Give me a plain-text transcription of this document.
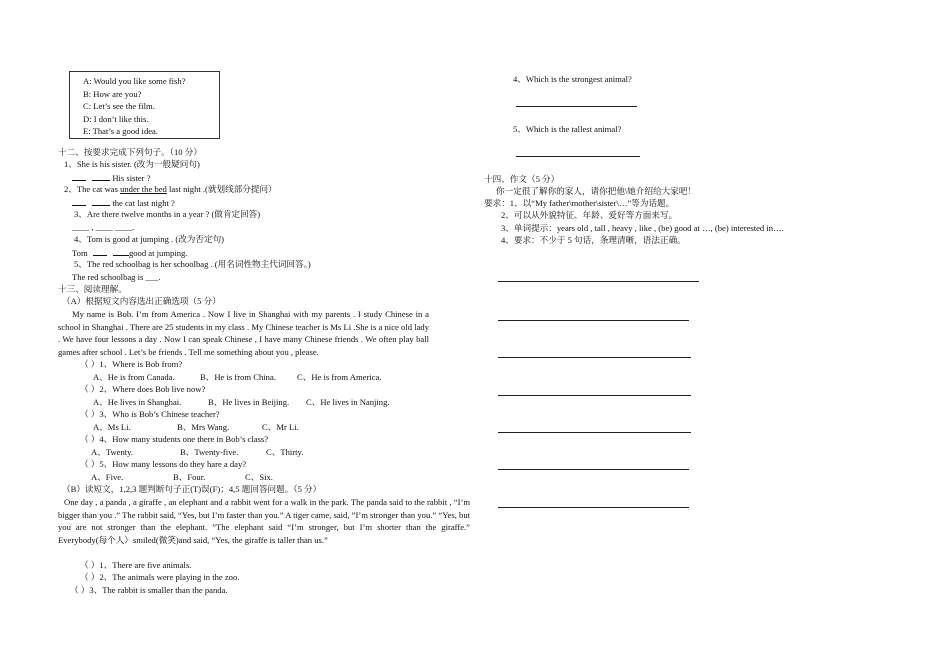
A: Would you like some fish?
B: How are you?
C: Let’s see the film.
D: I don’t like this.
E: That’s a good idea.
十二、按要求完成下列句子。（10 分）
1、She is his sister. (改为一般疑问句)
His sister ?
2、The cat was under the bed last night .(就划线部分提问）
the cat last night ?
3、Are there twelve months in a year ? (做肯定回答)
____ , ____ ____.
4、Tom is good at jumping . (改为否定句)
Tom	good at jumping.
5、The red schoolbag is her schoolbag . (用名词性物主代词回答。)
The red schoolbag is ___.
十三、阅读理解。
（A）根据短文内容选出正确选项（5 分）
My name is Bob. I’m from America . Now I live in Shanghai with my parents . I study Chinese in a school in Shanghai . There are 25 students in my class . My Chinese teacher is Ms Li .She is a nice old lady . We have four lessons a day . Now I can speak Chinese , I have many Chinese friends . We often play ball games after school . Let’s be friends . Tell me something about you , please.
（ ）1、Where is Bob from?
A、He is from Canada.	B、He is from China. C、He is from America.
（ ）2、Where does Bob live now?
A、He lives in Shanghai.	B、He lives in Beijing. C、He lives in Nanjing.
（ ）3、Who is Bob’s Chinese teacher?
A、Ms Li.	B、Mrs Wang.	C、Mr Li.
（ ）4、How many students one there in Bob’s class?
A、Twenty.	B、Twenty-five.	C、Thirty.
（ ）5、How many lessons do they hare a day?
A、Five.	B、Four.	C、Six.
（B）读短文，1,2,3 题判断句子正(T)误(F)；4,5 题回答问题。（5 分）
One day , a panda , a giraffe , an elephant and a rabbit went for a walk in the park. The panda said to the rabbit , “I’m bigger than you .” The rabbit said, “Yes, but I’m faster than you.” A tiger came, said, ”I’m stronger than you.” “Yes, but you are not stronger than the elephant. ”The elephant said “I’m stronger, but I’m shorter than the giraffe.” Everybody(每个人）smiled(微笑)and said, “Yes, the giraffe is taller than us.”
（ ）1、There are five animals.
（ ）2、The animals were playing in the zoo.
（ ）3、The rabbit is smaller than the panda.
4、Which is the strongest animal?
5、Which is the tallest animal?
十四、作文（5 分）
你一定很了解你的家人，请你把他\她介绍给大家吧！
要求：1、以“My father\mother\sister\…”等为话题。
2、可以从外貌特征、年龄、爱好等方面来写。
3、单词提示：years old , tall , heavy , like , (be) good at …, (be) interested in….
4、要求：不少于 5 句话，条理清晰，语法正确。
